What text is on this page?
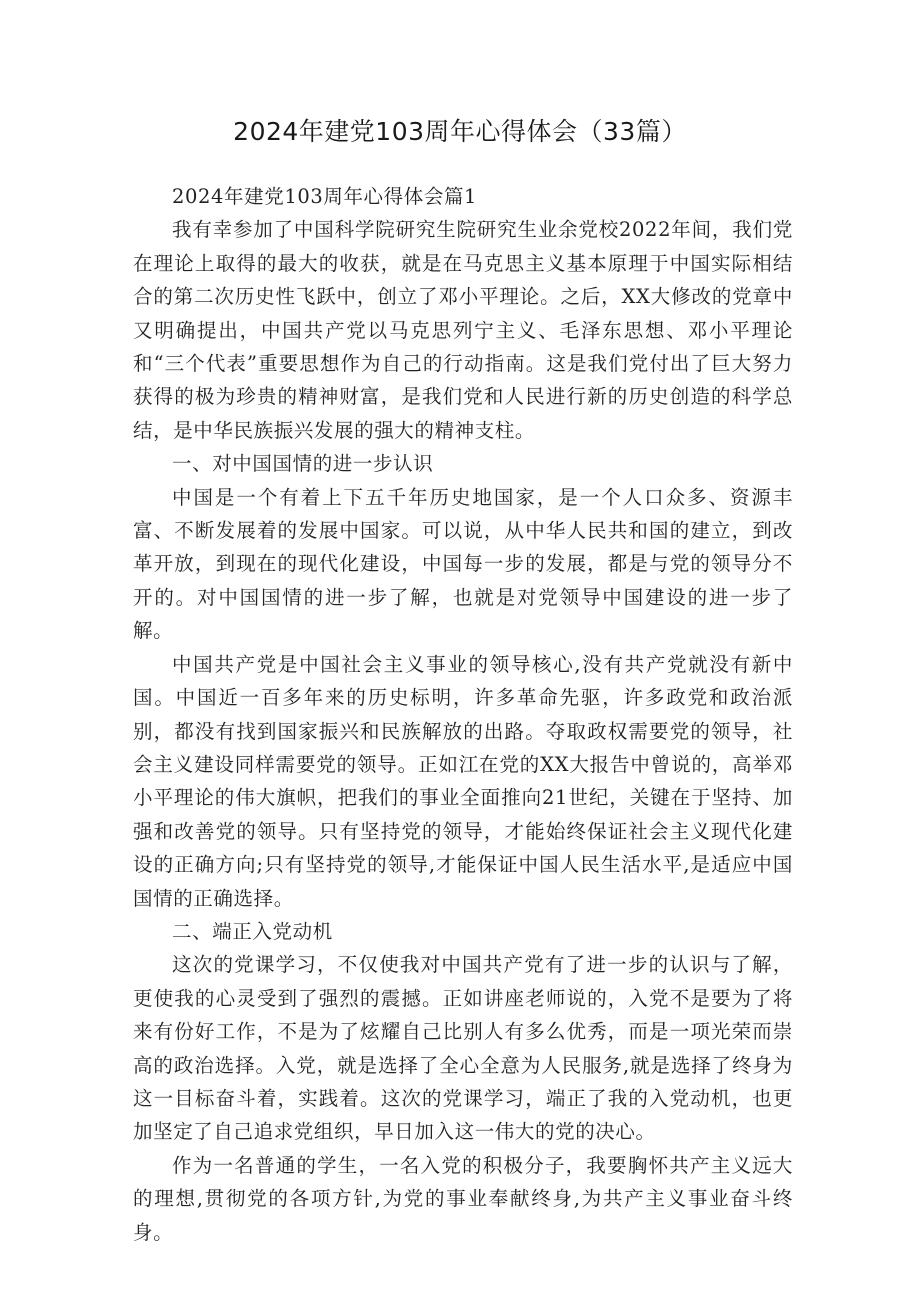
2024年建党103周年心得体会（33篇）

2024年建党103周年心得体会篇1

我有幸参加了中国科学院研究生院研究生业余党校2022年间，我们党在理论上取得的最大的收获，就是在马克思主义基本原理于中国实际相结合的第二次历史性飞跃中，创立了邓小平理论。之后，XX大修改的党章中又明确提出，中国共产党以马克思列宁主义、毛泽东思想、邓小平理论和“三个代表”重要思想作为自己的行动指南。这是我们党付出了巨大努力获得的极为珍贵的精神财富，是我们党和人民进行新的历史创造的科学总结，是中华民族振兴发展的强大的精神支柱。

一、对中国国情的进一步认识

中国是一个有着上下五千年历史地国家，是一个人口众多、资源丰富、不断发展着的发展中国家。可以说，从中华人民共和国的建立，到改革开放，到现在的现代化建设，中国每一步的发展，都是与党的领导分不开的。对中国国情的进一步了解，也就是对党领导中国建设的进一步了解。

中国共产党是中国社会主义事业的领导核心,没有共产党就没有新中国。中国近一百多年来的历史标明，许多革命先驱，许多政党和政治派别，都没有找到国家振兴和民族解放的出路。夺取政权需要党的领导，社会主义建设同样需要党的领导。正如江在党的XX大报告中曾说的，高举邓小平理论的伟大旗帜，把我们的事业全面推向21世纪，关键在于坚持、加强和改善党的领导。只有坚持党的领导，才能始终保证社会主义现代化建设的正确方向;只有坚持党的领导,才能保证中国人民生活水平,是适应中国国情的正确选择。

二、端正入党动机

这次的党课学习，不仅使我对中国共产党有了进一步的认识与了解，更使我的心灵受到了强烈的震撼。正如讲座老师说的，入党不是要为了将来有份好工作，不是为了炫耀自己比别人有多么优秀，而是一项光荣而崇高的政治选择。入党，就是选择了全心全意为人民服务,就是选择了终身为这一目标奋斗着，实践着。这次的党课学习，端正了我的入党动机，也更加坚定了自己追求党组织，早日加入这一伟大的党的决心。

作为一名普通的学生，一名入党的积极分子，我要胸怀共产主义远大的理想,贯彻党的各项方针,为党的事业奉献终身,为共产主义事业奋斗终身。
